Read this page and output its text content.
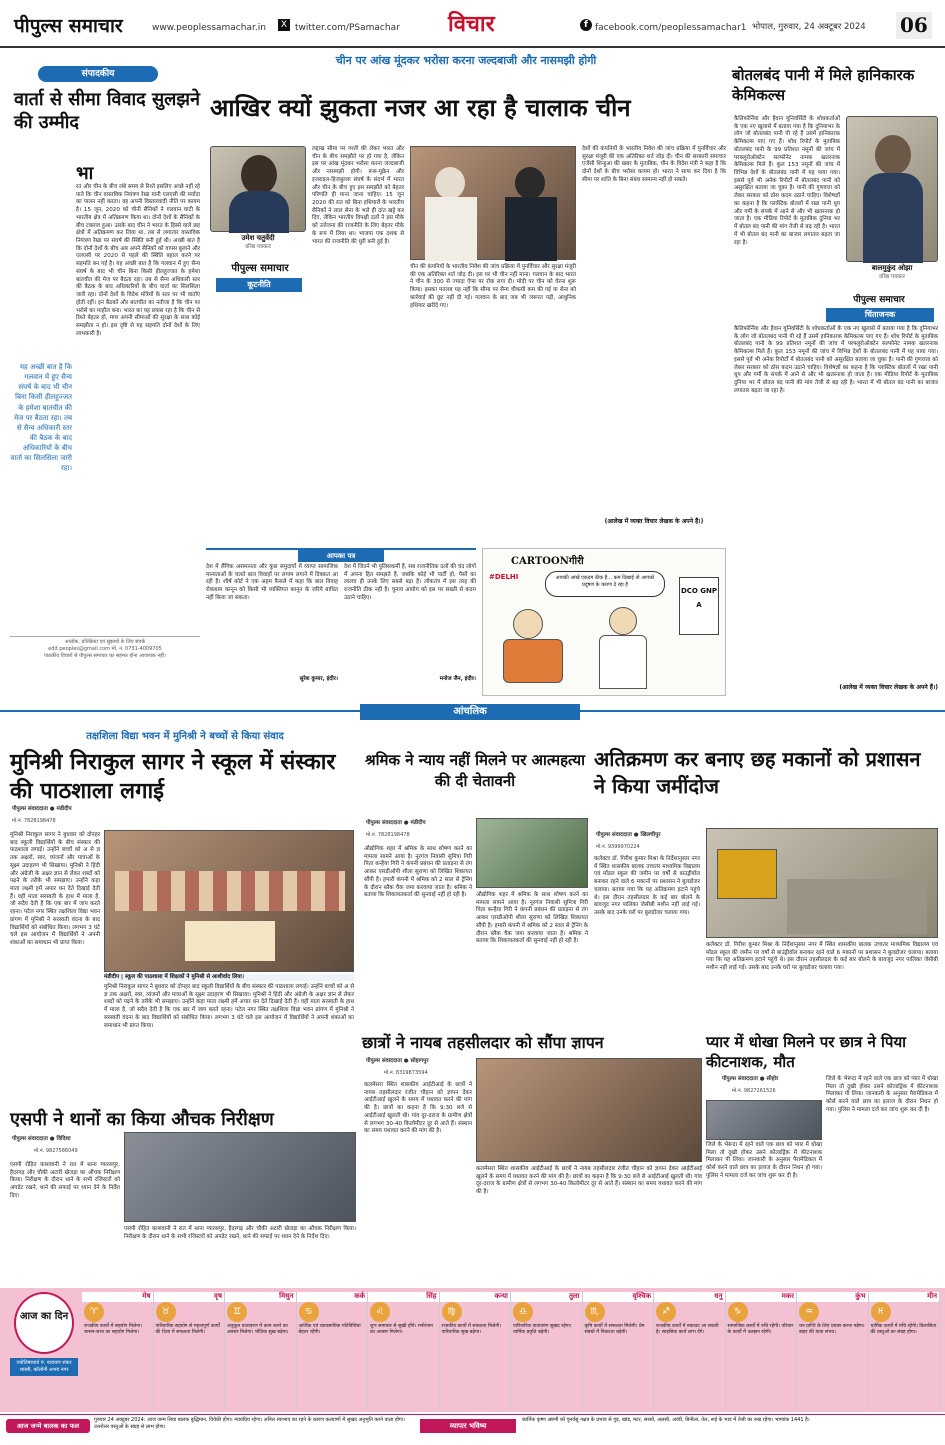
पीपुल्स समाचार	www.peoplessamachar.in	X twitter.com/PSamachar विचार	f facebook.com/peoplessamachar1 भोपाल, गुरुवार, 24 अक्टूबर 2024 06
संपादकीय
वार्ता से सीमा विवाद सुलझने की उम्मीद
भा
रत और चीन के बीच लंबे समय से रिश्ते इसलिए अच्छे नहीं रहे पाते कि चीन वास्तविक नियंत्रण रेखा यानी एलएसी की मर्यादा का पालन नहीं करता। वह अपनी विस्तारवादी नीति पर कायम है। 15 जून, 2020 को चीनी सैनिकों ने गलवान घाटी के भारतीय क्षेत्र में अतिक्रमण किया था। दोनों देशों के सैनिकों के बीच टकराव हुआ। उसके बाद चीन ने भारत के हिस्से वाले छह क्षेत्रों में अतिक्रमण कर लिया था, तब से लगातार वास्तविक नियंत्रण रेखा पर संघर्ष की स्थिति बनी हुई थी। अच्छी बात है कि दोनों देशों के बीच अब अपने सैनिकों को वापस बुलाने और एलएसी पर 2020 से पहले की स्थिति बहाल करने पर सहमति बन गई है। यह अच्छी बात है कि गलवान में हुए सैन्य संघर्ष के बाद भी चीन बिना किसी हीलहुज्जत के हमेशा बातचीत की मेज पर बैठता रहा। तब से सैन्य अधिकारी स्तर की बैठक के बाद अधिकारियों के बीच वार्ता का सिलसिला जारी रहा। दोनों देशों के विदेश मंत्रियों के स्तर पर भी वार्ताएं होती रहीं। इन बैठकों और बातचीत का नतीजा है कि चीन पर भरोसे का माहौल बना। भारत का यह प्रयास रहा है कि चीन से रिश्ते बेहतर हों, मगर अपनी सीमाओं की सुरक्षा के साथ कोई समझौता न हो। इस दृष्टि से यह सहमति दोनों देशों के लिए लाभकारी है।
यह अच्छी बात है कि गलवान में हुए सैन्य संघर्ष के बाद भी चीन बिना किसी हीलहुज्जत के हमेशा बातचीत की मेज पर बैठता रहा। तब से सैन्य अधिकारी स्तर की बैठक के बाद अधिकारियों के बीच वार्ता का सिलसिला जारी रहा।
आलोक, प्रतिक्रिया एवं सुझावों के लिए संपर्क
edit.peoples@gmail.com मो. नं. 0731-4009705
पाठकीय विचारों से पीपुल्स समाचार का सहमत होना आवश्यक नहीं।
चीन पर आंख मूंदकर भरोसा करना जल्दबाजी और नासमझी होगी
आखिर क्यों झुकता नजर आ रहा है चालाक चीन
उमेश चतुर्वेदी
वरिष्ठ पत्रकार
पीपुल्स समाचार
कूटनीति
लद्दाख सीमा पर गश्ती की लेकर भारत और चीन के बीच समझौते पर हो गया है, लेकिन इस पर आंख मूंदकर भरोसा करना जल्दबाजी और नासमझी होगी। रूस-यूक्रेन और इजराइल-हिजबुल्ला संघर्ष के संदर्भ में भारत और चीन के बीच हुए इस समझौते को बेहतर परिणति ही माना जाना चाहिए। 15 जून 2020 की रात को बिना हथियारों के भारतीय सैनिकों ने लाल सेना के भले ही दांत खट्टे कर दिए, लेकिन भारतीय विपक्षी दलों ने इस मौके को उत्तेजना की राजनीति के लिए बेहतर मौके के रूप में लिया था। भाजपा एक दशक से भारत की राजनीति की धुरी बनी हुई है।
चीन की कंपनियों के भारतीय निवेश की जांच प्रक्रिया में पुनर्विचार और सुरक्षा मंजूरी की एक अतिरिक्त शर्त जोड़ दी। इस पर भी चीन नहीं माना। गलवान के बाद भारत ने चीन के 300 से ज्यादा ऐप्स पर रोक लगा दी। मोदी पर चीन को घेरना शुरू किया। इसका मतलब यह नहीं कि सीमा पर सैन्य चौकसी कम की गई या सेना को कार्रवाई की छूट नहीं दी गई। गलवान के बाद जब भी जरूरत पड़ी, आधुनिक हथियार खरीदे गए।
देशों की कंपनियों के भारतीय निवेश की जांच प्रक्रिया में पुनर्विचार और सुरक्षा मंजूरी की एक अतिरिक्त शर्त जोड़ दी। चीन की सरकारी समाचार एजेंसी शिन्हुआ की खबर के मुताबिक, चीन के विदेश मंत्री ने कहा है कि दोनों देशों के बीच भरोसा कायम हो। भारत ने साफ कर दिया है कि सीमा पर शांति के बिना संबंध सामान्य नहीं हो सकते।
(आलेख में व्यक्त विचार लेखक के अपने हैं।)
आपका पत्र
देश में लैंगिक असमानता और कुछ समुदायों में व्याप्त सामाजिक मान्यताओं के चलते बाल विवाहों पर लगाम लगाने में दिक्कत आ रही है। शीर्ष कोर्ट ने एक अहम फैसले में कहा कि बाल विवाह रोकथाम कानून को किसी भी व्यक्तिगत कानून के जरिये बाधित नहीं किया जा सकता।
सुरेश कुमार, इंदौर।
देश में जितने भी पुलिसकर्मी हैं, सब राजनीतिक दलों की चंद लोगों में अपना हित समझते हैं, जबकि कोई भी पार्टी हो, पैसों का लालच ही उनके लिए सबसे बड़ा है। लोकतंत्र में इस तरह की राजनीति ठीक नहीं है। चुनाव आयोग को इस पर सख्ती से कदम उठाने चाहिए।
मनोज जैन, इंदौर।
CARTOONगीरी
#DELHI	आपकी आंखें एकदम ठीक हैं... कम दिखाई तो आपको प्रदूषण के कारण दे रहा है
DCO GNPA
बोतलबंद पानी में मिले हानिकारक केमिकल्स
कैलिफोर्निया और हैवान यूनिवर्सिटी के शोधकर्ताओं के एक नए खुलासे में बताया गया है कि दुनियाभर के लोग जो बोतलबंद पानी पी रहे हैं उसमें हानिकारक केमिकल्स पाए गए हैं। शोध रिपोर्ट के मुताबिक बोतलबंद पानी के 99 प्रतिशत नमूनों की जांच में परफ्लूरोऑक्टेन सल्फोनेट नामक खतरनाक केमिकल्स मिले हैं। कुल 153 नमूनों की जांच में विभिन्न देशों के बोतलबंद पानी में यह पाया गया। इससे पूर्व भी अनेक रिपोर्टों में बोतलबंद पानी को असुरक्षित बताया जा चुका है। पानी की गुणवत्ता को लेकर सरकार को ठोस कदम उठाने चाहिए। विशेषज्ञों का कहना है कि प्लास्टिक बोतलों में रखा पानी धूप और गर्मी के संपर्क में आने से और भी खतरनाक हो जाता है। एक मीडिया रिपोर्ट के मुताबिक दुनिया भर में बोतल बंद पानी की मांग तेजी से बढ़ रही है। भारत में भी बोतल बंद पानी का बाजार लगातार बढ़ता जा रहा है।
बालमुकुंद ओझा
वरिष्ठ पत्रकार
पीपुल्स समाचार
चिंताजनक
कैलिफोर्निया और हैवान यूनिवर्सिटी के शोधकर्ताओं के एक नए खुलासे में बताया गया है कि दुनियाभर के लोग जो बोतलबंद पानी पी रहे हैं उसमें हानिकारक केमिकल्स पाए गए हैं। शोध रिपोर्ट के मुताबिक बोतलबंद पानी के 99 प्रतिशत नमूनों की जांच में परफ्लूरोऑक्टेन सल्फोनेट नामक खतरनाक केमिकल्स मिले हैं। कुल 153 नमूनों की जांच में विभिन्न देशों के बोतलबंद पानी में यह पाया गया। इससे पूर्व भी अनेक रिपोर्टों में बोतलबंद पानी को असुरक्षित बताया जा चुका है। पानी की गुणवत्ता को लेकर सरकार को ठोस कदम उठाने चाहिए। विशेषज्ञों का कहना है कि प्लास्टिक बोतलों में रखा पानी धूप और गर्मी के संपर्क में आने से और भी खतरनाक हो जाता है। एक मीडिया रिपोर्ट के मुताबिक दुनिया भर में बोतल बंद पानी की मांग तेजी से बढ़ रही है। भारत में भी बोतल बंद पानी का बाजार लगातार बढ़ता जा रहा है।
(आलेख में व्यक्त विचार लेखक के अपने हैं।)
आंचलिक
तक्षशिला विद्या भवन में मुनिश्री ने बच्चों से किया संवाद
मुनिश्री निराकुल सागर ने स्कूल में संस्कार की पाठशाला लगाई
पीपुल्स संवाददाता ● मंडीदीप
मो.नं. 7828198478
मुनिश्री निराकुल सागर ने बुधवार को दोपहर बाद स्कूली विद्यार्थियों के बीच संस्कार की पाठशाला लगाई। उन्होंने बच्चों को अ से ज्ञ तक अक्षरों, स्वर, व्यंजनों और मात्राओं के सूक्ष्म उदाहरण भी सिखाया। मुनिश्री ने हिंदी और अंग्रेजी के अक्षर ज्ञान से लेकर शब्दों को पढ़ने के तरीके भी समझाए। उन्होंने कहा माता लक्ष्मी हमें अपार धन देते दिखाई देती हैं। वहीं माता सरस्वती के हाथ में माला है, जो सदैव देती है कि एक बार में जाप करते रहना। पटेल नगर स्थित तक्षशिला विद्या भवन प्रांगण में मुनिश्री ने सरस्वती वंदना के बाद विद्यार्थियों को संबोधित किया। लगभग 3 घंटे चले इस आयोजन में विद्यार्थियों ने अपनी शंकाओं का समाधान भी प्राप्त किया।
मंडीदीप | स्कूल की पाठशाला में शिक्षकों ने मुनिश्री से आशीर्वाद लिया।
मुनिश्री निराकुल सागर ने बुधवार को दोपहर बाद स्कूली विद्यार्थियों के बीच संस्कार की पाठशाला लगाई। उन्होंने बच्चों को अ से ज्ञ तक अक्षरों, स्वर, व्यंजनों और मात्राओं के सूक्ष्म उदाहरण भी सिखाया। मुनिश्री ने हिंदी और अंग्रेजी के अक्षर ज्ञान से लेकर शब्दों को पढ़ने के तरीके भी समझाए। उन्होंने कहा माता लक्ष्मी हमें अपार धन देते दिखाई देती हैं। वहीं माता सरस्वती के हाथ में माला है, जो सदैव देती है कि एक बार में जाप करते रहना। पटेल नगर स्थित तक्षशिला विद्या भवन प्रांगण में मुनिश्री ने सरस्वती वंदना के बाद विद्यार्थियों को संबोधित किया। लगभग 3 घंटे चले इस आयोजन में विद्यार्थियों ने अपनी शंकाओं का समाधान भी प्राप्त किया।
श्रमिक ने न्याय नहीं मिलने पर आत्महत्या की दी चेतावनी
पीपुल्स संवाददाता ● मंडीदीप
मो.नं. 7828198478
औद्योगिक शहर में श्रमिक के साथ शोषण करने का मामला सामने आया है। नूरगंज निवासी सुमित्रा गिरी पिता कन्हैया गिरी ने कंपनी प्रबंधन की प्रताड़ना से तंग आकर एसडीओपी शीला सुराणा को लिखित शिकायत सौंपी है। हमारी कंपनी में श्रमिक को 2 साल से ट्रेनिंग के दौरान ब्लैक चैक जमा करवाया जाता है। श्रमिक ने बताया कि शिकायतकर्ता की सुनवाई नहीं हो रही है।	औद्योगिक शहर में श्रमिक के साथ शोषण करने का मामला सामने आया है। नूरगंज निवासी सुमित्रा गिरी पिता कन्हैया गिरी ने कंपनी प्रबंधन की प्रताड़ना से तंग आकर एसडीओपी शीला सुराणा को लिखित शिकायत सौंपी है। हमारी कंपनी में श्रमिक को 2 साल से ट्रेनिंग के दौरान ब्लैक चैक जमा करवाया जाता है। श्रमिक ने बताया कि शिकायतकर्ता की सुनवाई नहीं हो रही है।
अतिक्रमण कर बनाए छह मकानों को प्रशासन ने किया जमींदोज
पीपुल्स संवाददाता ● खिलचीपुर
मो.नं. 9399970224
कलेक्टर डॉ. गिरीश कुमार मिश्रा के निर्देशानुसार नगर में स्थित शासकीय बालक उच्चतर माध्यमिक विद्यालय एवं मॉडल स्कूल की जमीन पर वर्षों से बाउंड्रीवॉल बनाकर रहने वाले 6 मकानों पर प्रशासन ने बुलडोजर चलाया। बताया गया कि यह अतिक्रमण हटाने पहुंचे थे। इस दौरान तहसीलदार के कई बार बोलने के बावजूद नगर पालिका जेसीबी मशीन नहीं लाई गई। उसके बाद उनके घरों पर बुलडोजर चलाया गया।
कलेक्टर डॉ. गिरीश कुमार मिश्रा के निर्देशानुसार नगर में स्थित शासकीय बालक उच्चतर माध्यमिक विद्यालय एवं मॉडल स्कूल की जमीन पर वर्षों से बाउंड्रीवॉल बनाकर रहने वाले 6 मकानों पर प्रशासन ने बुलडोजर चलाया। बताया गया कि यह अतिक्रमण हटाने पहुंचे थे। इस दौरान तहसीलदार के कई बार बोलने के बावजूद नगर पालिका जेसीबी मशीन नहीं लाई गई। उसके बाद उनके घरों पर बुलडोजर चलाया गया।
छात्रों ने नायब तहसीलदार को सौंपा ज्ञापन
पीपुल्स संवाददाता ● सोहागपुर
मो.नं. 8319873594
कलमेसरा स्थित शासकीय आईटीआई के छात्रों ने नायब तहसीलदार रंजीत चौहान को ज्ञापन देकर आईटीआई खुलने के समय में यथावत करने की मांग की है। छात्रों का कहना है कि 9:30 बजे से आईटीआई खुलती थी। गांव दूर-दराज के ग्रामीण क्षेत्रों से लगभग 30-40 किलोमीटर दूर से आते हैं। संस्थान का समय यथावत करने की मांग की है।
कलमेसरा स्थित शासकीय आईटीआई के छात्रों ने नायब तहसीलदार रंजीत चौहान को ज्ञापन देकर आईटीआई खुलने के समय में यथावत करने की मांग की है। छात्रों का कहना है कि 9:30 बजे से आईटीआई खुलती थी। गांव दूर-दराज के ग्रामीण क्षेत्रों से लगभग 30-40 किलोमीटर दूर से आते हैं। संस्थान का समय यथावत करने की मांग की है।
एसपी ने थानों का किया औचक निरीक्षण
पीपुल्स संवाददाता ● विदिशा
मो.नं. 9827586049
एसपी रोहित काशवानी ने रात में थाना ग्यारसपुर, हैदरगढ़ और चौकी अटारी खेजड़ा का औचक निरीक्षण किया। निरीक्षण के दौरान थाने के सभी रजिस्टरों को अपडेट रखने, थाने की सफाई पर ध्यान देने के निर्देश दिए।
एसपी रोहित काशवानी ने रात में थाना ग्यारसपुर, हैदरगढ़ और चौकी अटारी खेजड़ा का औचक निरीक्षण किया। निरीक्षण के दौरान थाने के सभी रजिस्टरों को अपडेट रखने, थाने की सफाई पर ध्यान देने के निर्देश दिए।
प्यार में धोखा मिलने पर छात्र ने पिया कीटनाशक, मौत
पीपुल्स संवाददाता ● सीहोर
मो.नं. 9827261526
जिले के भेरूंदा में रहने वाले एक छात्र को प्यार में धोखा मिला तो दुखी होकर उसने कोल्डड्रिंक में कीटनाशक मिलाकर पी लिया। जानकारी के अनुसार पैरामेडिकल में कोर्स करने वाले छात्र का इलाज के दौरान निधन हो गया। पुलिस ने मामला दर्ज कर जांच शुरू कर दी है।
जिले के भेरूंदा में रहने वाले एक छात्र को प्यार में धोखा मिला तो दुखी होकर उसने कोल्डड्रिंक में कीटनाशक मिलाकर पी लिया। जानकारी के अनुसार पैरामेडिकल में कोर्स करने वाले छात्र का इलाज के दौरान निधन हो गया। पुलिस ने मामला दर्ज कर जांच शुरू कर दी है।
आज का दिन
ज्योतिषाचार्य पं. नारायण शंकर शास्त्री, कॉलोनी अभय नगर
मेष
♈
राजकीय कार्यों में सहयोग मिलेगा। शासन-सत्ता का सहयोग मिलेगा।
वृष
♉
पारिवारिक सहयोग से महत्वपूर्ण कार्यों की दिशा में सफलता मिलेगी।
मिथुन
♊
अनुकूल वातावरण में काम करने का अवसर मिलेगा। भौतिक सुख बढ़ेगा।
कर्क
♋
आर्थिक एवं व्यावसायिक गतिविधियां बेहतर रहेंगी।
सिंह
♌
शुभ समाचार से सुखी होंगे। मनोरंजन का अवसर मिलेगा।
कन्या
♍
राजकीय कार्यों में सफलता मिलेगी। पारिवारिक सुख बढ़ेगा।
तुला
♎
पारिवारिक वातावरण सुखद रहेगा। धार्मिक प्रवृत्ति बढ़ेगी।
वृश्चिक
♏
कृषि कार्यों में सफलता मिलेगी। प्रेम संबंधों में निकटता बढ़ेगी।
धनु
♐
राजकीय कार्यों में रुकावट आ सकती है। साहसिक कार्य लाभ देंगे।
मकर
♑
सामाजिक कार्यों में रुचि रहेगी। परिवार के कार्यों में उलझन रहेगी।
कुंभ
♒
धन प्राप्ति के लिए प्रयास करना पड़ेगा। बाहर की यात्रा संभव।
मीन
♓
धार्मिक कार्यों में रुचि रहेगी। विलासिता की वस्तुओं का संग्रह होगा।
आज जन्मे बालक का फल
गुरुवार 24 अक्टूबर 2024: आज जन्म लिया बालक बुद्धिमान, विवेकी होगा। न्यायप्रिय रहेगा। अनिल स्वाभाव का रहने के कारण कल्याणों में सुखद अनुभूति करने वाला होगा। उत्तरोत्तर वस्तुओं के संग्रह से लाभ होगा।	व्यापार भविष्य
कार्तिक कृष्ण अष्टमी को पुनर्वसु नक्षत्र के प्रभाव से गुड़, खांड, मटर, सरसों, अलसी, अरंडी, बिनौला, तेल, रूई के भाव में तेजी का रुख रहेगा। भाग्यांक 1441 है।
